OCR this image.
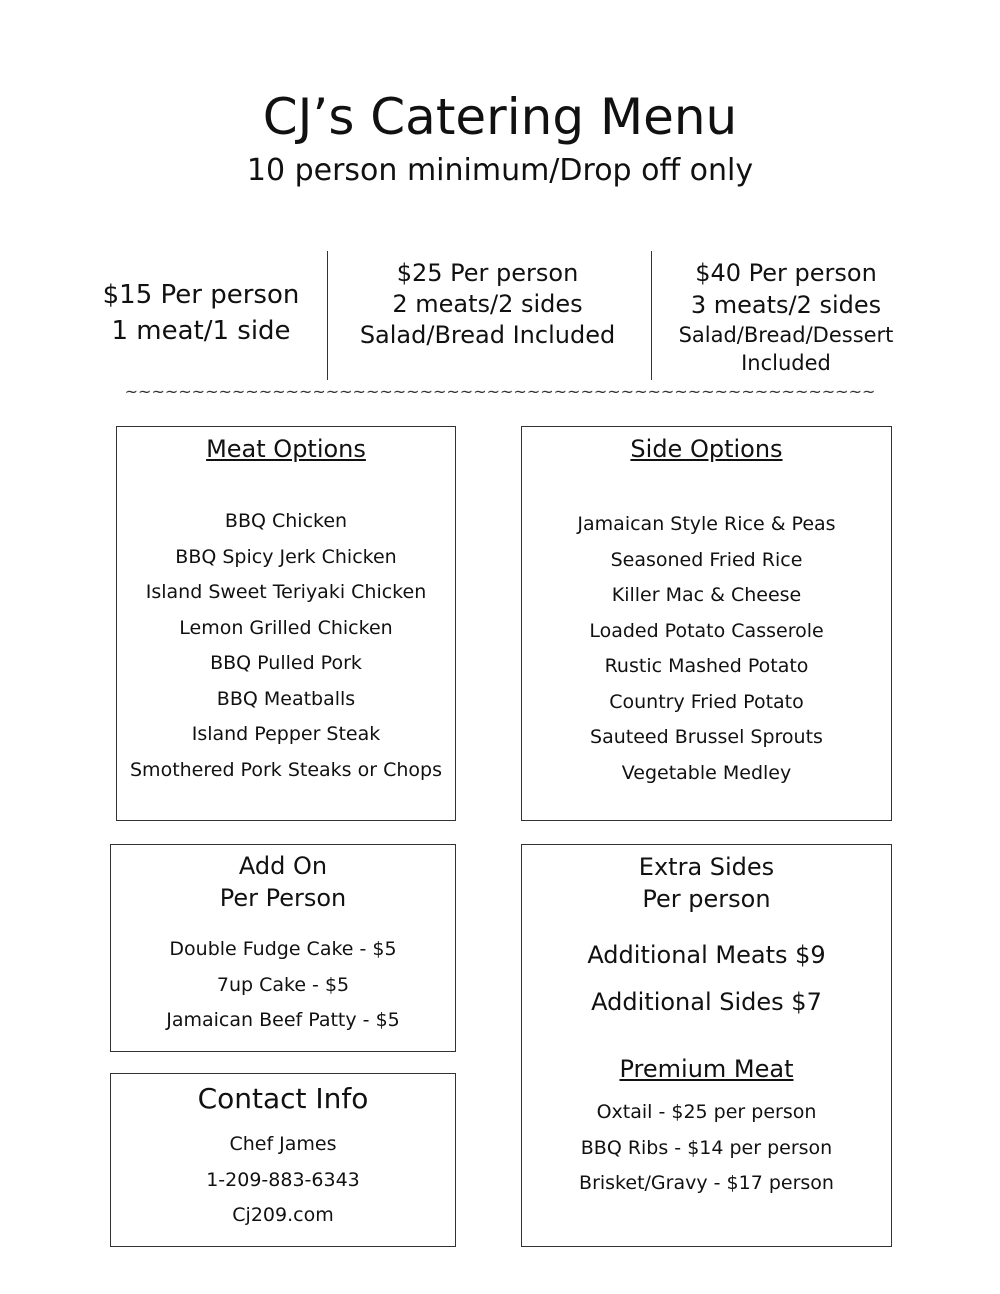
CJ’s Catering Menu
10 person minimum/Drop off only
$15 Per person
1 meat/1 side
$25 Per person
2 meats/2 sides
Salad/Bread Included
$40 Per person
3 meats/2 sides
Salad/Bread/Dessert
Included
~~~~~~~~~~~~~~~~~~~~~~~~~~~~~~~~~~~~~~~~~~~~~~~~~~~~~~~~
Meat Options
BBQ Chicken
BBQ Spicy Jerk Chicken
Island Sweet Teriyaki Chicken
Lemon Grilled Chicken
BBQ Pulled Pork
BBQ Meatballs
Island Pepper Steak
Smothered Pork Steaks or Chops
Side Options
Jamaican Style Rice & Peas
Seasoned Fried Rice
Killer Mac & Cheese
Loaded Potato Casserole
Rustic Mashed Potato
Country Fried Potato
Sauteed Brussel Sprouts
Vegetable Medley
Add On
Per Person
Double Fudge Cake - $5
7up Cake - $5
Jamaican Beef Patty - $5
Contact Info
Chef James
1-209-883-6343
Cj209.com
Extra Sides
Per person
Additional Meats $9
Additional Sides $7
Premium Meat
Oxtail - $25 per person
BBQ Ribs - $14 per person
Brisket/Gravy - $17 person
